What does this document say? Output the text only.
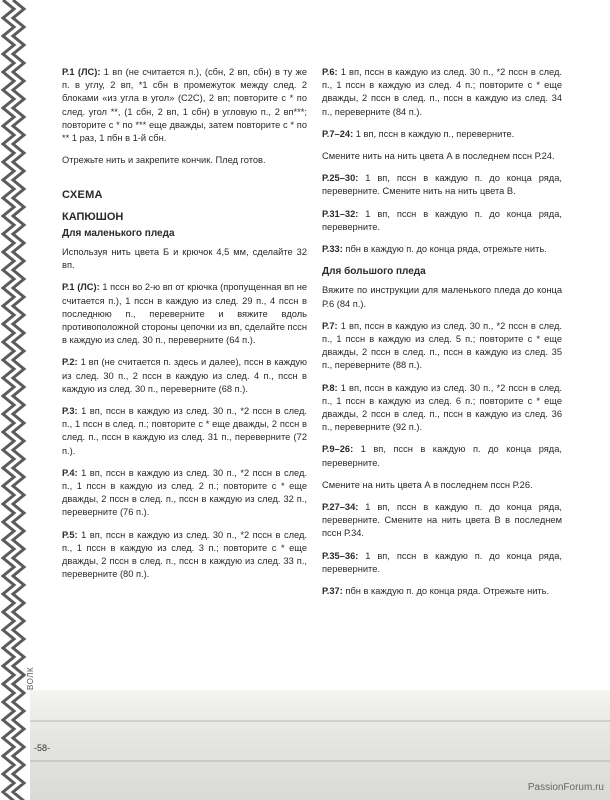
Р.1 (ЛС): 1 вп (не считается п.), (сбн, 2 вп, сбн) в ту же п. в углу, 2 вп, *1 сбн в промежуток между след. 2 блоками «из угла в угол» (C2C), 2 вп; повторите с * по след. угол **, (1 сбн, 2 вп, 1 сбн) в угловую п., 2 вп***; повторите с * по *** еще дважды, затем повторите с * по ** 1 раз, 1 пбн в 1-й сбн.

Отрежьте нить и закрепите кончик. Плед готов.

СХЕМА
КАПЮШОН
Для маленького пледа

Используя нить цвета Б и крючок 4,5 мм, сделайте 32 вп.

Р.1 (ЛС): 1 пссн во 2-ю вп от крючка (пропущенная вп не считается п.), 1 пссн в каждую из след. 29 п., 4 пссн в последнюю п., переверните и вяжите вдоль противоположной стороны цепочки из вп, сделайте пссн в каждую из след. 30 п., переверните (64 п.).

Р.2: 1 вп (не считается п. здесь и далее), пссн в каждую из след. 30 п., 2 пссн в каждую из след. 4 п., пссн в каждую из след. 30 п., переверните (68 п.).

Р.3: 1 вп, пссн в каждую из след. 30 п., *2 пссн в след. п., 1 пссн в след. п.; повторите с * еще дважды, 2 пссн в след. п., пссн в каждую из след. 31 п., переверните (72 п.).

Р.4: 1 вп, пссн в каждую из след. 30 п., *2 пссн в след. п., 1 пссн в каждую из след. 2 п.; повторите с * еще дважды, 2 пссн в след. п., пссн в каждую из след. 32 п., переверните (76 п.).

Р.5: 1 вп, пссн в каждую из след. 30 п., *2 пссн в след. п., 1 пссн в каждую из след. 3 п.; повторите с * еще дважды, 2 пссн в след. п., пссн в каждую из след. 33 п., переверните (80 п.).

Р.6: 1 вп, пссн в каждую из след. 30 п., *2 пссн в след. п., 1 пссн в каждую из след. 4 п.; повторите с * еще дважды, 2 пссн в след. п., пссн в каждую из след. 34 п., переверните (84 п.).

Р.7–24: 1 вп, пссн в каждую п., переверните.

Смените нить на нить цвета А в последнем пссн Р.24.

Р.25–30: 1 вп, пссн в каждую п. до конца ряда, переверните. Смените нить на нить цвета В.

Р.31–32: 1 вп, пссн в каждую п. до конца ряда, переверните.

Р.33: пбн в каждую п. до конца ряда, отрежьте нить.

Для большого пледа

Вяжите по инструкции для маленького пледа до конца Р.6 (84 п.).

Р.7: 1 вп, пссн в каждую из след. 30 п., *2 пссн в след. п., 1 пссн в каждую из след. 5 п.; повторите с * еще дважды, 2 пссн в след. п., пссн в каждую из след. 35 п., переверните (88 п.).

Р.8: 1 вп, пссн в каждую из след. 30 п., *2 пссн в след. п., 1 пссн в каждую из след. 6 п.; повторите с * еще дважды, 2 пссн в след. п., пссн в каждую из след. 36 п., переверните (92 п.).

Р.9–26: 1 вп, пссн в каждую п. до конца ряда, переверните.

Смените на нить цвета А в последнем пссн Р.26.

Р.27–34: 1 вп, пссн в каждую п. до конца ряда, переверните. Смените на нить цвета В в последнем пссн Р.34.

Р.35–36: 1 вп, пссн в каждую п. до конца ряда, переверните.

Р.37: пбн в каждую п. до конца ряда. Отрежьте нить.

ВОЛК
-58-
PassionForum.ru
